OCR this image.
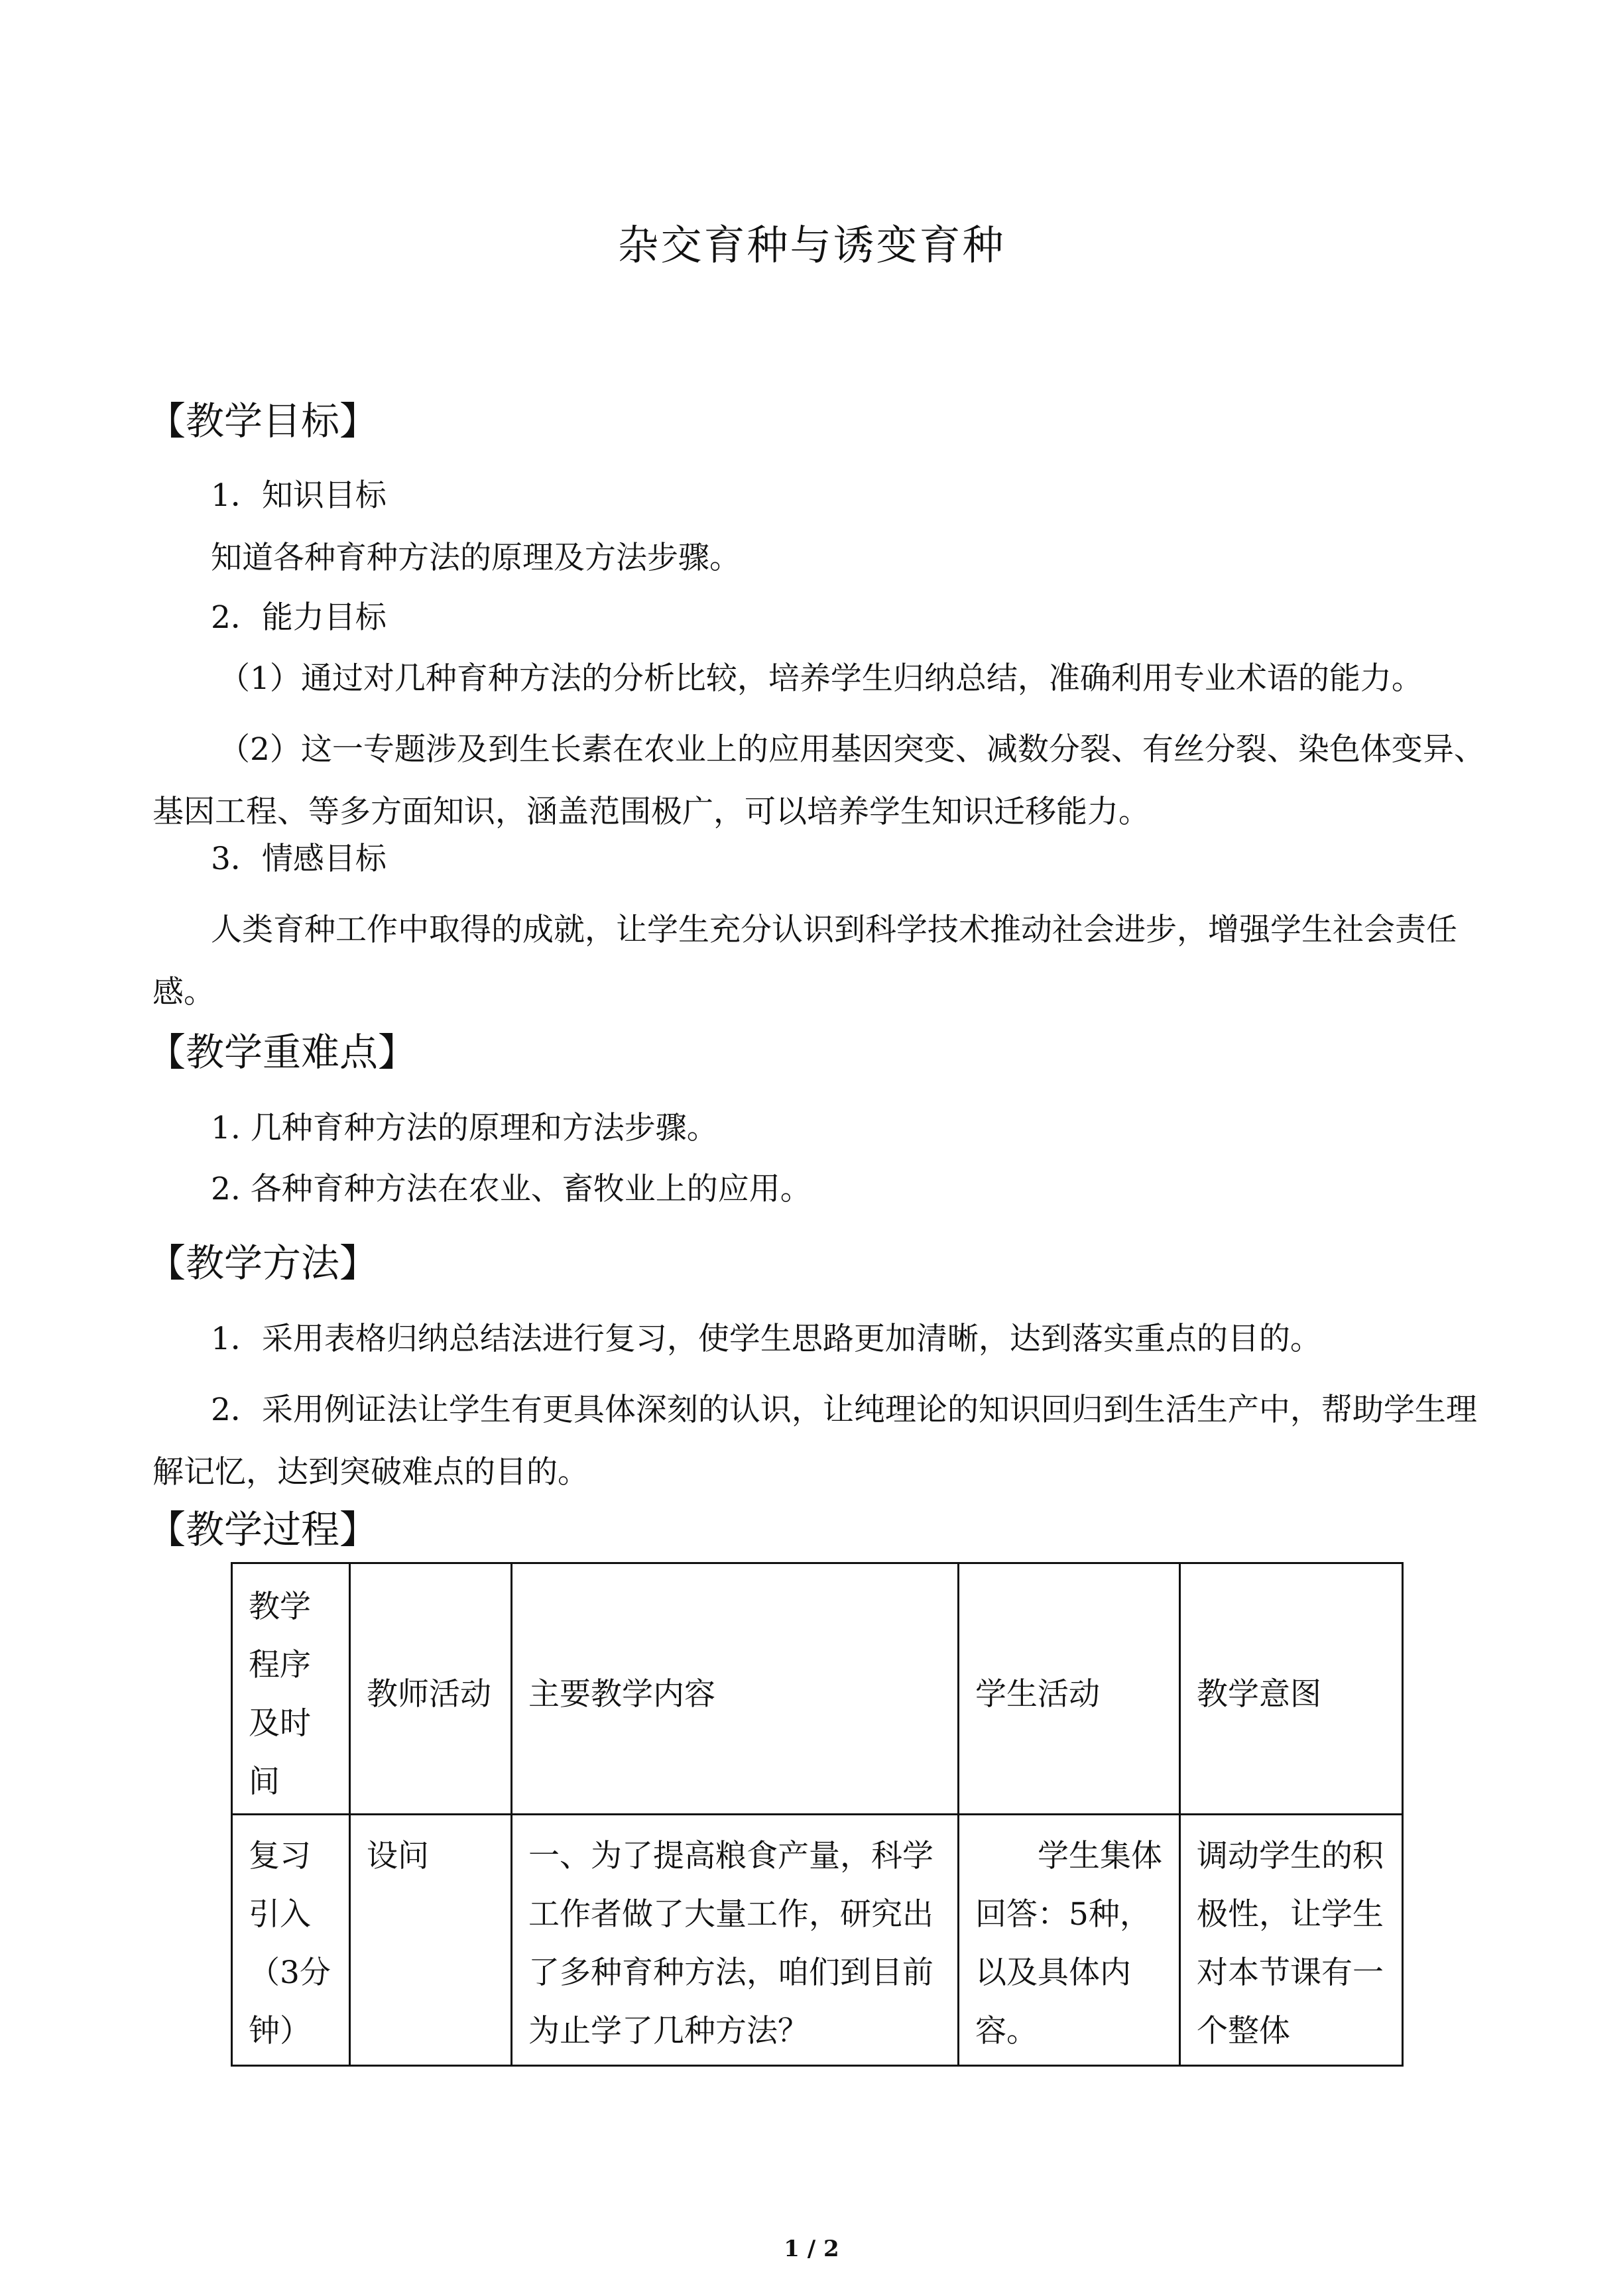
杂交育种与诱变育种
【教学目标】
1．知识目标
知道各种育种方法的原理及方法步骤。
2．能力目标
（1）通过对几种育种方法的分析比较，培养学生归纳总结，准确利用专业术语的能力。
（2）这一专题涉及到生长素在农业上的应用基因突变、减数分裂、有丝分裂、染色体变异、基因工程、等多方面知识，涵盖范围极广，可以培养学生知识迁移能力。
3．情感目标
人类育种工作中取得的成就，让学生充分认识到科学技术推动社会进步，增强学生社会责任感。
【教学重难点】
1. 几种育种方法的原理和方法步骤。
2. 各种育种方法在农业、畜牧业上的应用。
【教学方法】
1．采用表格归纳总结法进行复习，使学生思路更加清晰，达到落实重点的目的。
2．采用例证法让学生有更具体深刻的认识，让纯理论的知识回归到生活生产中，帮助学生理解记忆，达到突破难点的目的。
【教学过程】
教学程序及时间	教师活动	主要教学内容	学生活动	教学意图
复习引入（3分钟）	设问	一、为了提高粮食产量，科学工作者做了大量工作，研究出了多种育种方法，咱们到目前为止学了几种方法？	　　学生集体回答：5种，以及具体内容。	调动学生的积极性，让学生对本节课有一个整体
1 / 2
